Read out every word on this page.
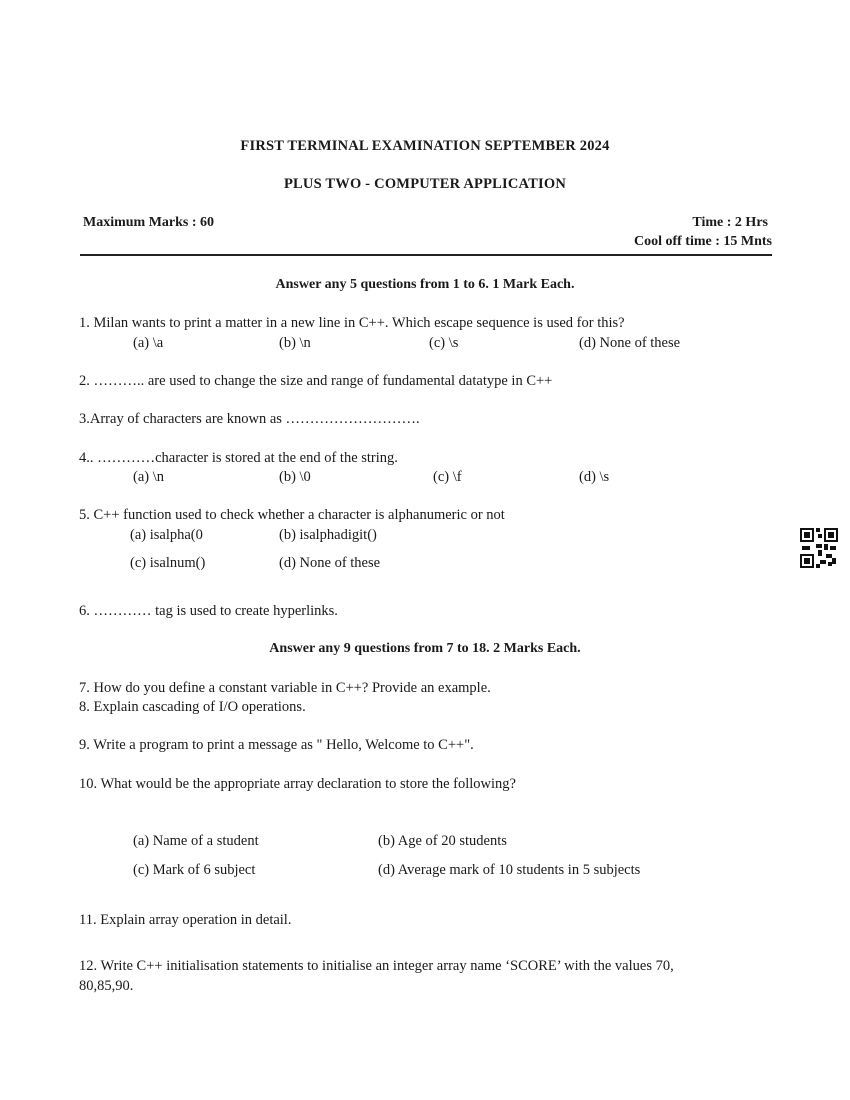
FIRST TERMINAL EXAMINATION SEPTEMBER 2024
PLUS TWO - COMPUTER APPLICATION
Maximum Marks : 60	Time : 2 Hrs
Cool off time : 15 Mnts
Answer any 5 questions from 1 to 6. 1 Mark Each.
1. Milan wants to print a matter in a new line in C++. Which escape sequence is used for this?
(a) \a	(b) \n	(c) \s	(d) None of these
2. ……….. are used to change the size and range of fundamental datatype in C++
3.Array of characters are known as ……………………….
4.. …………character is stored at the end of the string.
(a) \n	(b) \0	(c) \f	(d) \s
5. C++ function used to check whether a character is alphanumeric or not
(a) isalpha(0	(b) isalphadigit()
(c) isalnum()	(d) None of these
6. ………… tag is used to create hyperlinks.
Answer any 9 questions from 7 to 18. 2 Marks Each.
7. How do you define a constant variable in C++? Provide an example.
8. Explain cascading of I/O operations.
9. Write a program to print a message as " Hello, Welcome to C++".
10. What would be the appropriate array declaration to store the following?
(a) Name of a student	(b) Age of 20 students
(c) Mark of 6 subject	(d) Average mark of 10 students in 5 subjects
11. Explain array operation in detail.
12. Write C++ initialisation statements to initialise an integer array name ‘SCORE’ with the values 70,
80,85,90.
